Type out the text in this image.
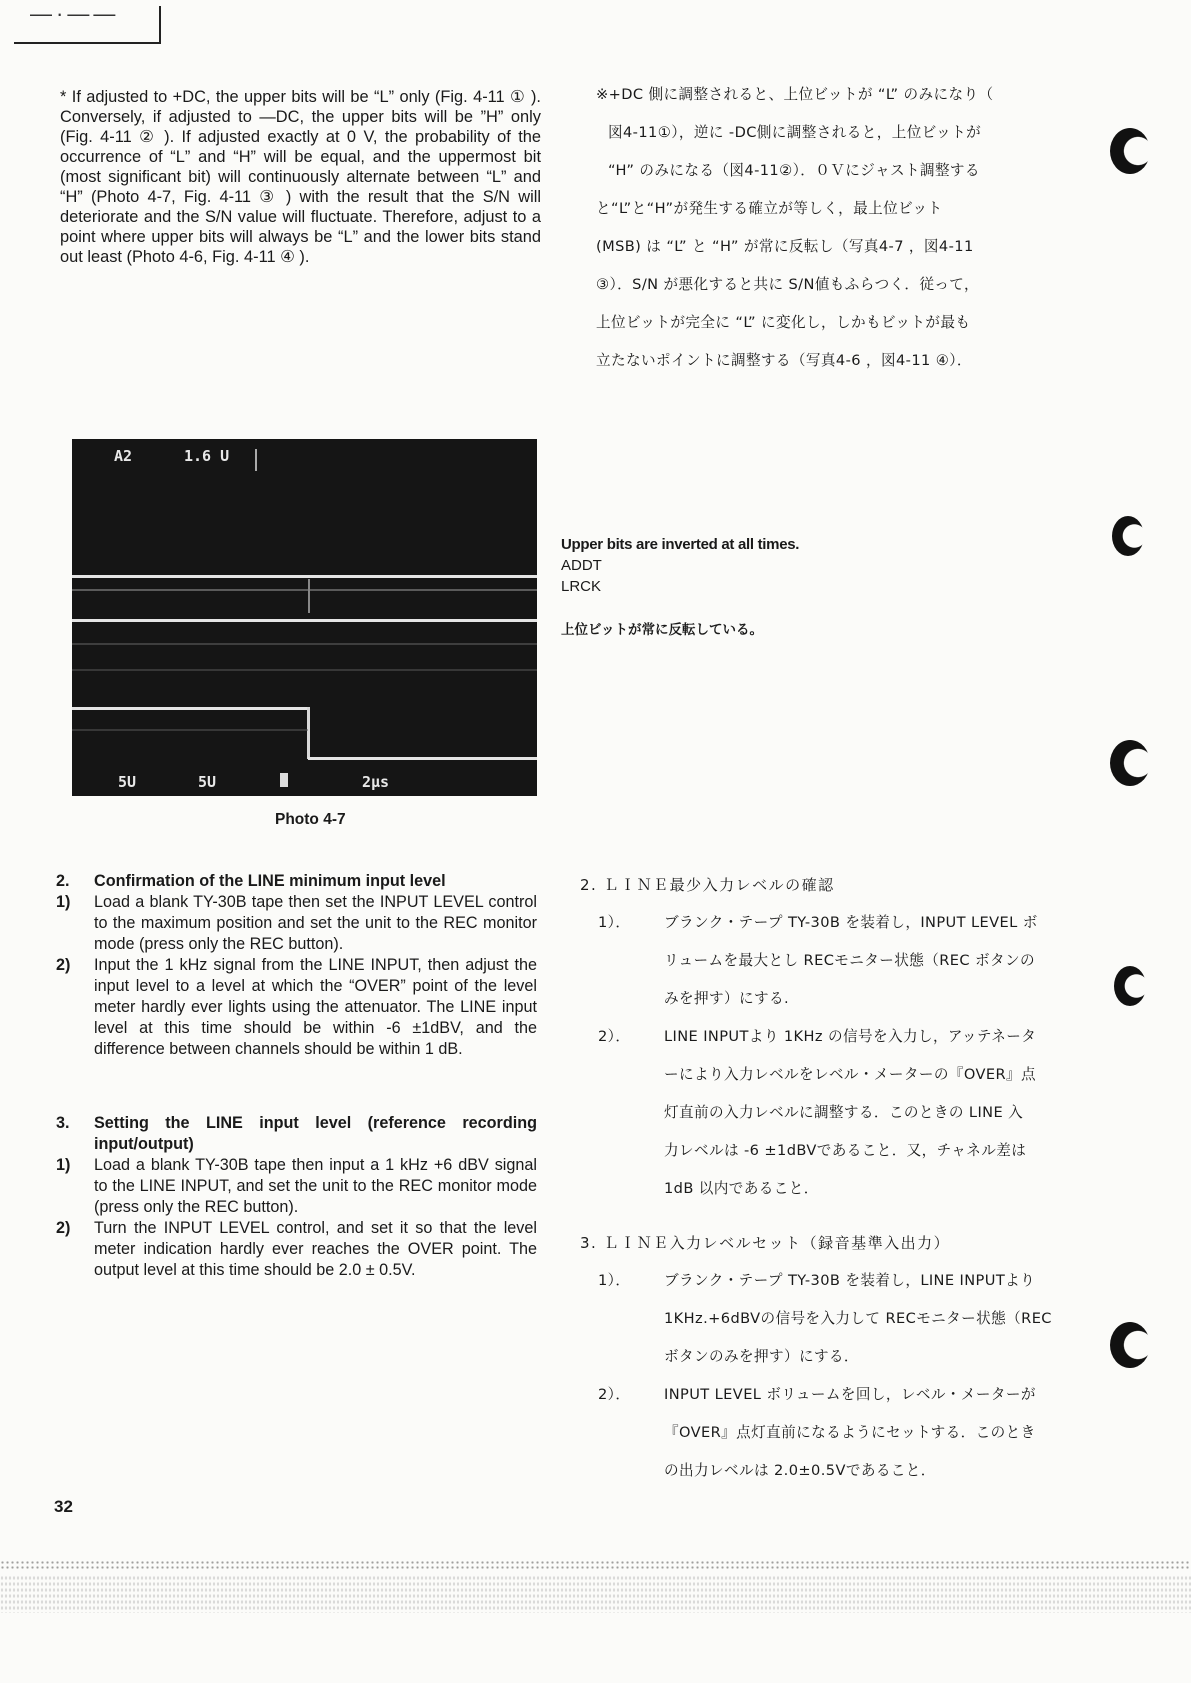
—·——

* If adjusted to +DC, the upper bits will be “L” only (Fig. 4-11 ① ). Conversely, if adjusted to —DC, the upper bits will be ”H” only (Fig. 4-11 ② ). If adjusted exactly at 0 V, the probability of the occurrence of “L” and “H” will be equal, and the uppermost bit (most significant bit) will continuously alternate between “L” and “H” (Photo 4-7, Fig. 4-11 ③ ) with the result that the S/N will deteriorate and the S/N value will fluctuate. Therefore, adjust to a point where upper bits will always be “L” and the lower bits stand out least (Photo 4-6, Fig. 4-11 ④ ).

※+DC 側に調整されると、上位ビットが “L” のみになり（

図4-11①），逆に -DC側に調整されると，上位ビットが

“H” のみになる（図4-11②）．０Ｖにジャスト調整する

と“L”と“H”が発生する確立が等しく，最上位ビット

(MSB) は “L” と “H” が常に反転し（写真4-7 ，図4-11

③）．S/N が悪化すると共に S/N値もふらつく．従って，

上位ビットが完全に “L” に変化し，しかもビットが最も

立たないポイントに調整する（写真4-6 ，図4-11 ④）．

A2	1.6 U
5U	5U	2μs
Photo 4-7
Upper bits are inverted at all times.
ADDT
LRCK
上位ビットが常に反転している。
2.	Confirmation of the LINE minimum input level
1)	Load a blank TY-30B tape then set the INPUT LEVEL control to the maximum position and set the unit to the REC monitor mode (press only the REC button).
2)	Input the 1 kHz signal from the LINE INPUT, then adjust the input level to a level at which the “OVER” point of the level meter hardly ever lights using the attenuator. The LINE input level at this time should be within -6 ±1dBV, and the difference between channels should be within 1 dB.
3.	Setting the LINE input level (reference recording input/output)
1)	Load a blank TY-30B tape then input a 1 kHz +6 dBV signal to the LINE INPUT, and set the unit to the REC monitor mode (press only the REC button).
2)	Turn the INPUT LEVEL control, and set it so that the level meter indication hardly ever reaches the OVER point. The output level at this time should be 2.0 ± 0.5V.

2. ＬＩＮＥ最少入力レベルの確認

1）．	ブランク・テープ TY-30B を装着し，INPUT LEVEL ボ

リュームを最大とし RECモニター状態（REC ボタンの

みを押す）にする.

2）．	LINE INPUTより 1KHz の信号を入力し，アッテネータ

ーにより入力レベルをレベル・メーターの『OVER』点

灯直前の入力レベルに調整する．このときの LINE 入

力レベルは -6 ±1dBVであること．又，チャネル差は

1dB 以内であること．

3. ＬＩＮＥ入力レベルセット（録音基準入出力）

1）．	ブランク・テープ TY-30B を装着し，LINE INPUTより

1KHz.+6dBVの信号を入力して RECモニター状態（REC

ボタンのみを押す）にする．

2）．	INPUT LEVEL ボリュームを回し，レベル・メーターが

『OVER』点灯直前になるようにセットする．このとき

の出力レベルは 2.0±0.5Vであること．

32
